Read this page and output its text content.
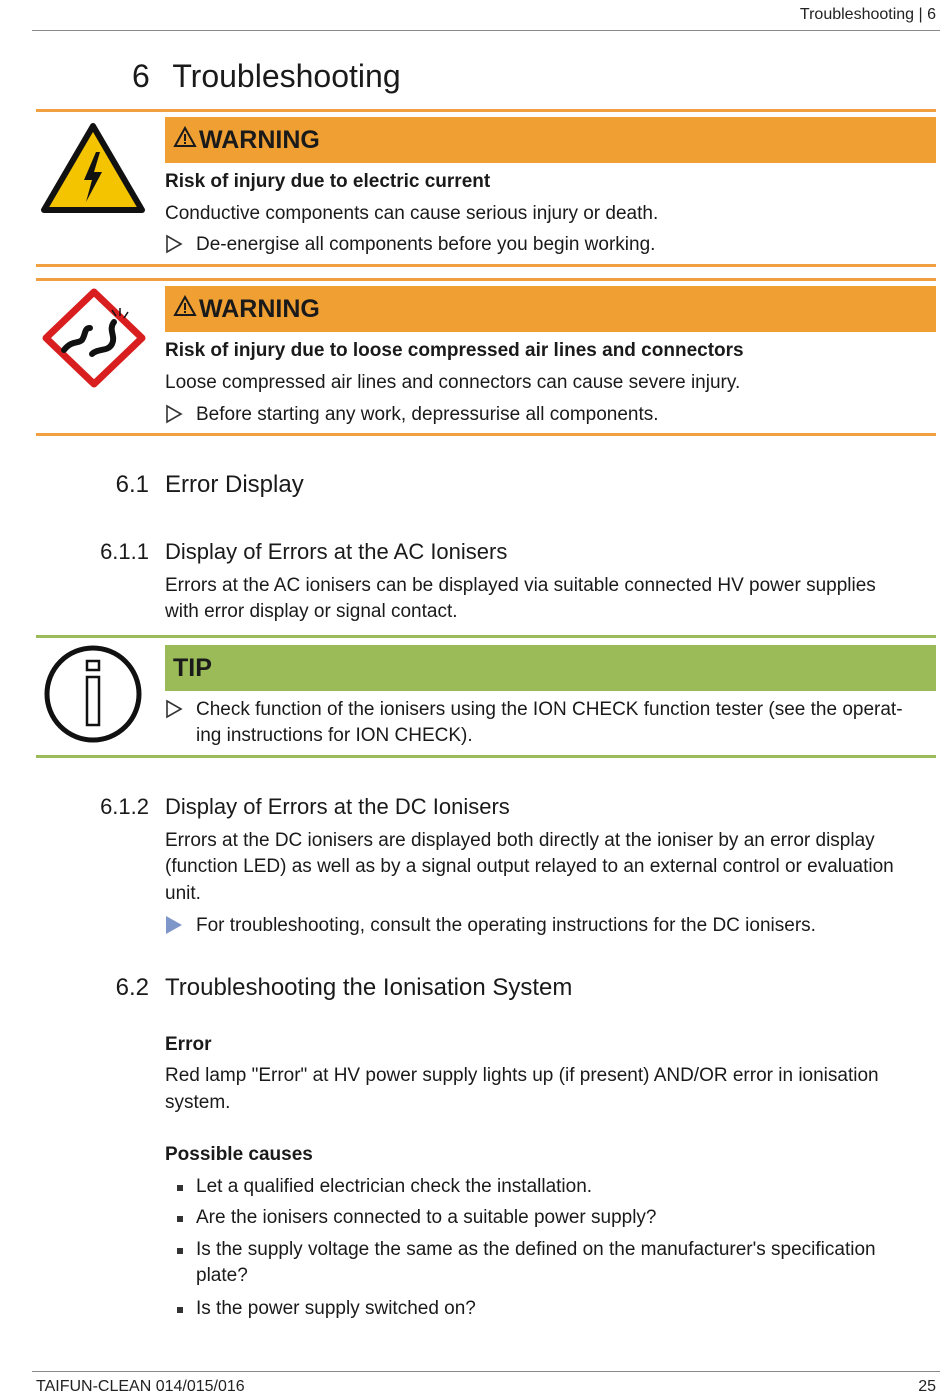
Troubleshooting | 6
6 Troubleshooting
WARNING
Risk of injury due to electric current
Conductive components can cause serious injury or death.
De-energise all components before you begin working.
WARNING
Risk of injury due to loose compressed air lines and connectors
Loose compressed air lines and connectors can cause severe injury.
Before starting any work, depressurise all components.
6.1 Error Display
6.1.1 Display of Errors at the AC Ionisers
Errors at the AC ionisers can be displayed via suitable connected HV power supplies
with error display or signal contact.
TIP
Check function of the ionisers using the ION CHECK function tester (see the operat-
ing instructions for ION CHECK).
6.1.2 Display of Errors at the DC Ionisers
Errors at the DC ionisers are displayed both directly at the ioniser by an error display
(function LED) as well as by a signal output relayed to an external control or evaluation
unit.
For troubleshooting, consult the operating instructions for the DC ionisers.
6.2 Troubleshooting the Ionisation System
Error
Red lamp "Error" at HV power supply lights up (if present) AND/OR error in ionisation
system.
Possible causes
Let a qualified electrician check the installation.
Are the ionisers connected to a suitable power supply?
Is the supply voltage the same as the defined on the manufacturer's specification
plate?
Is the power supply switched on?
TAIFUN-CLEAN 014/015/016	25
